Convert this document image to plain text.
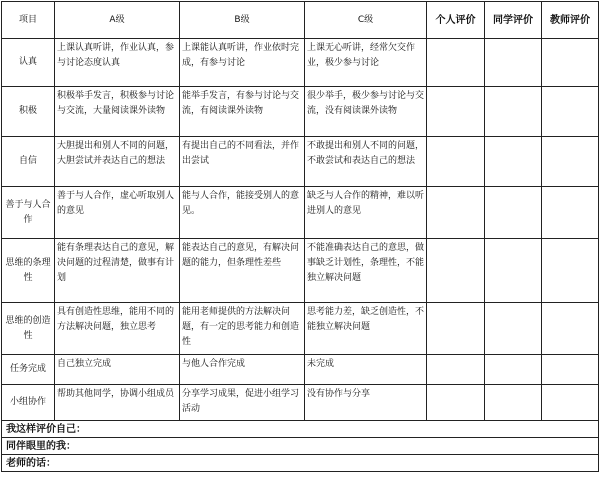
项目	A级	B级	C级	个人评价	同学评价	教师评价
认真	上课认真听讲，作业认真，参与讨论态度认真	上课能认真听讲，作业依时完成，有参与讨论	上课无心听讲，经常欠交作业，极少参与讨论			
积极	积极举手发言，积极参与讨论与交流，大量阅读课外读物	能举手发言，有参与讨论与交流，有阅读课外读物	很少举手，极少参与讨论与交流，没有阅读课外读物			
自信	大胆提出和别人不同的问题，大胆尝试并表达自己的想法	有提出自己的不同看法，并作出尝试	不敢提出和别人不同的问题，不敢尝试和表达自己的想法			
善于与人合作	善于与人合作，虚心听取别人的意见	能与人合作，能接受别人的意见。	缺乏与人合作的精神，难以听进别人的意见			
思维的条理性	能有条理表达自己的意见，解决问题的过程清楚，做事有计划	能表达自己的意见，有解决问题的能力，但条理性差些	不能准确表达自己的意思，做事缺乏计划性，条理性，不能独立解决问题			
思维的创造性	具有创造性思维，能用不同的方法解决问题，独立思考	能用老师提供的方法解决问题，有一定的思考能力和创造性	思考能力差，缺乏创造性，不能独立解决问题			
任务完成	自己独立完成	与他人合作完成	未完成			
小组协作	帮助其他同学，协调小组成员	分享学习成果，促进小组学习活动	没有协作与分享			
我这样评价自己：						
同伴眼里的我：						
老师的话：						
